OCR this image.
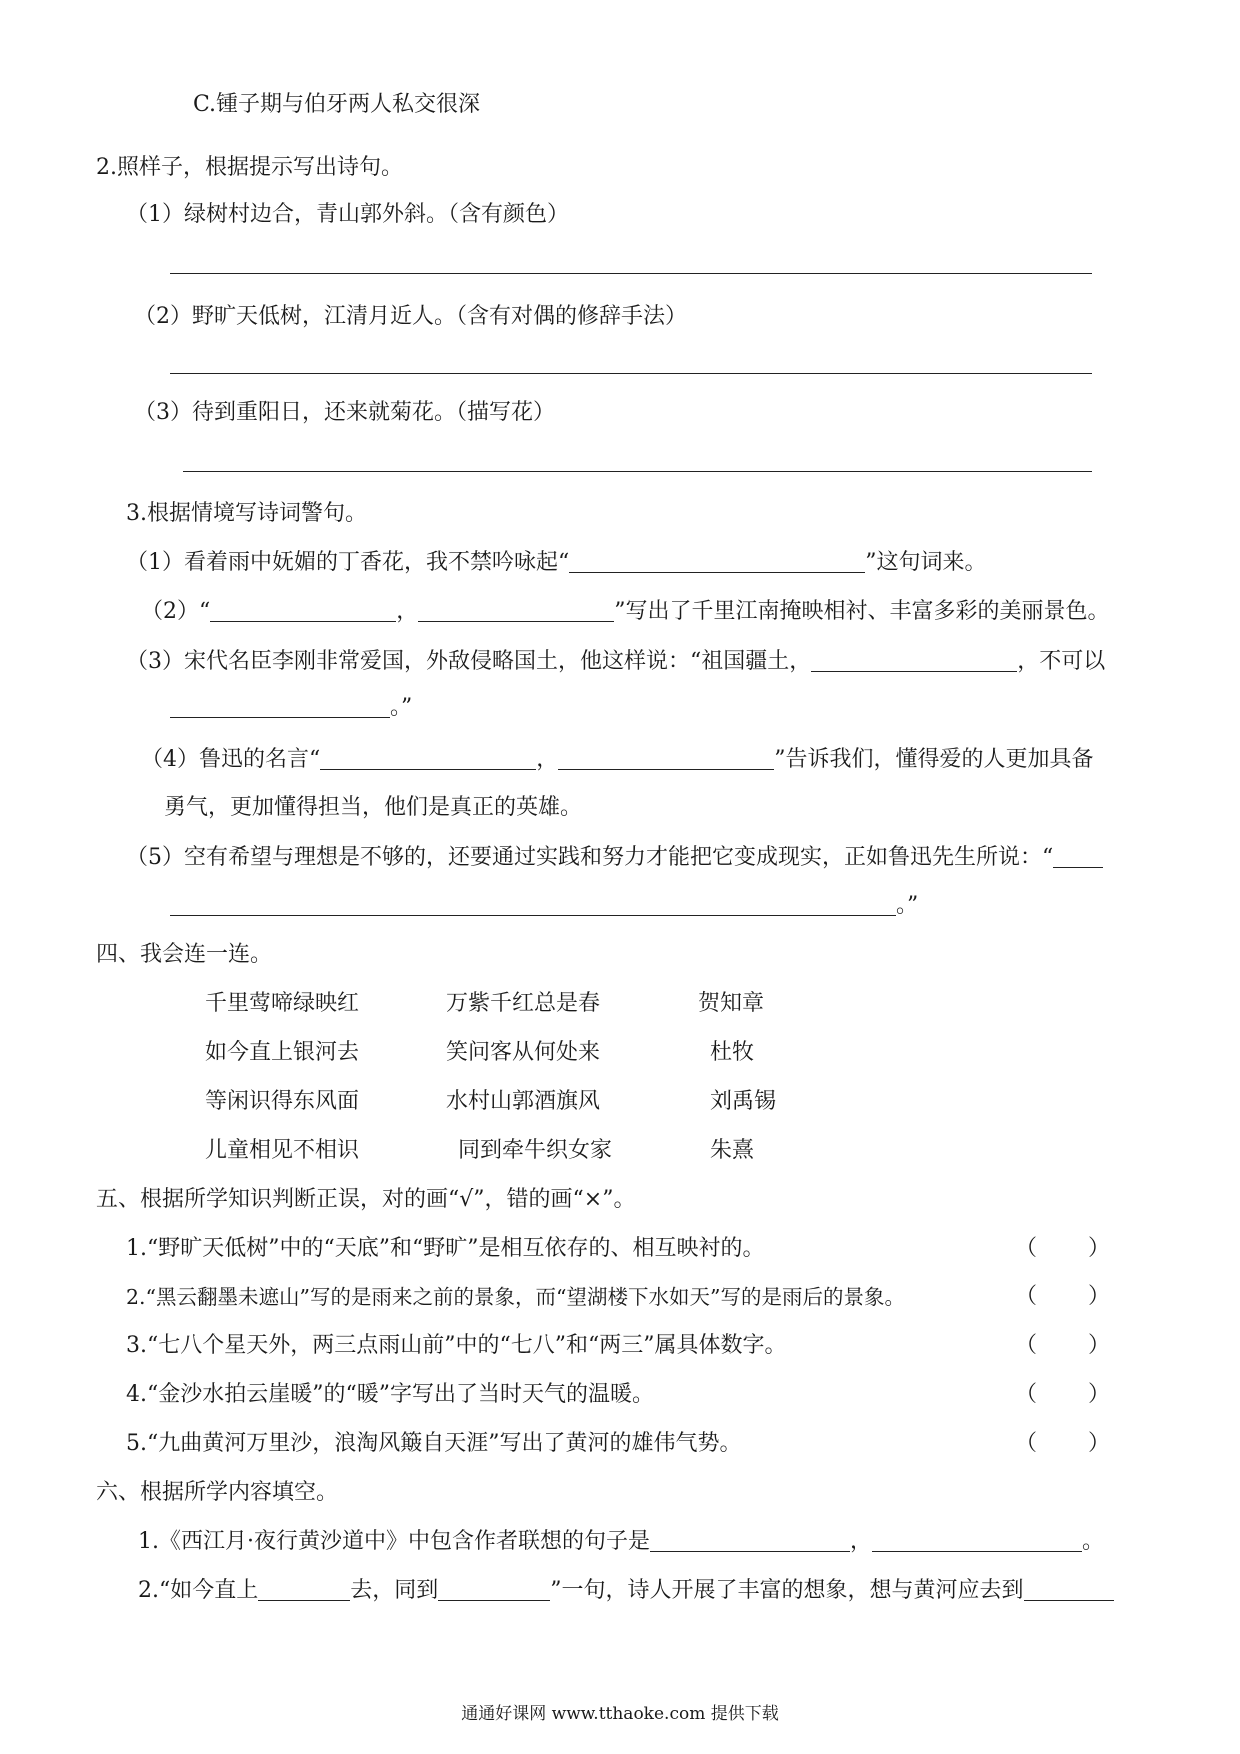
C.锺子期与伯牙两人私交很深
2.照样子，根据提示写出诗句。
（1）绿树村边合，青山郭外斜。（含有颜色）
（2）野旷天低树，江清月近人。（含有对偶的修辞手法）
（3）待到重阳日，还来就菊花。（描写花）
3.根据情境写诗词警句。
（1）看着雨中妩媚的丁香花，我不禁吟咏起“	”这句词来。
（2）“	，	”写出了千里江南掩映相衬、丰富多彩的美丽景色。
（3）宋代名臣李刚非常爱国，外敌侵略国土，他这样说：“祖国疆土，	，不可以
。”
（4）鲁迅的名言“	，	”告诉我们，懂得爱的人更加具备
勇气，更加懂得担当，他们是真正的英雄。
（5）空有希望与理想是不够的，还要通过实践和努力才能把它变成现实，正如鲁迅先生所说：“
。”
四、我会连一连。
千里莺啼绿映红	万紫千红总是春	贺知章
如今直上银河去	笑问客从何处来	杜牧
等闲识得东风面	水村山郭酒旗风	刘禹锡
儿童相见不相识	同到牵牛织女家	朱熹
五、根据所学知识判断正误，对的画“√”，错的画“×”。
1.“野旷天低树”中的“天底”和“野旷”是相互依存的、相互映衬的。	（ ）
2.“黑云翻墨未遮山”写的是雨来之前的景象，而“望湖楼下水如天”写的是雨后的景象。	（ ）
3.“七八个星天外，两三点雨山前”中的“七八”和“两三”属具体数字。	（ ）
4.“金沙水拍云崖暖”的“暖”字写出了当时天气的温暖。	（ ）
5.“九曲黄河万里沙，浪淘风簸自天涯”写出了黄河的雄伟气势。	（ ）
六、根据所学内容填空。
1.《西江月·夜行黄沙道中》中包含作者联想的句子是	，	。
2.“如今直上	去，同到	”一句，诗人开展了丰富的想象，想与黄河应去到
通通好课网 www.tthaoke.com 提供下载
